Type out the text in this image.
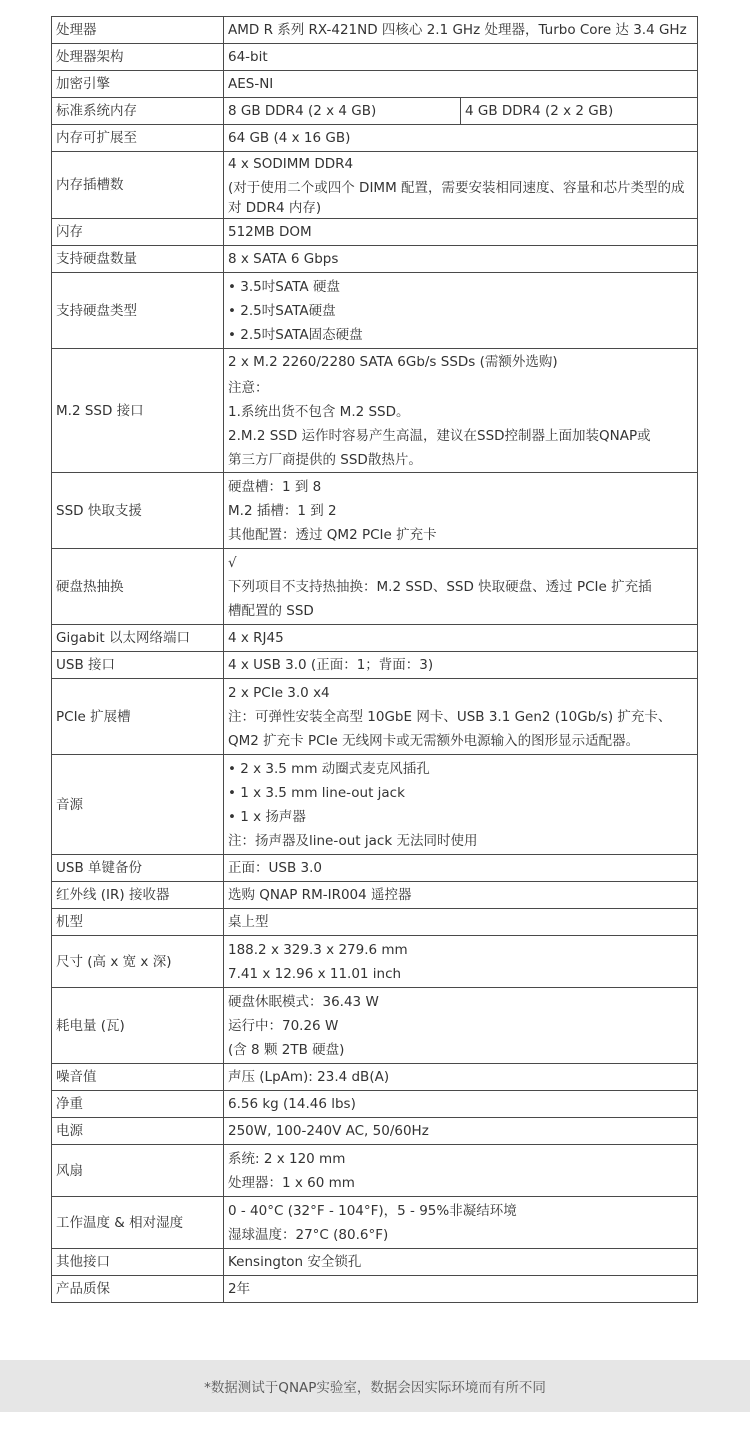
处理器	AMD R 系列 RX-421ND 四核心 2.1 GHz 处理器，Turbo Core 达 3.4 GHz	

处理器架构	64-bit	

加密引擎	AES-NI	

标准系统内存	8 GB DDR4 (2 x 4 GB)	4 GB DDR4 (2 x 2 GB)
内存可扩展至	64 GB (4 x 16 GB)	

内存插槽数	4 x SODIMM DDR4
(对于使用二个或四个 DIMM 配置，需要安装相同速度、容量和芯片类型的成对 DDR4 内存)	

闪存	512MB DOM	

支持硬盘数量	8 x SATA 6 Gbps	

支持硬盘类型	• 3.5吋SATA 硬盘
• 2.5吋SATA硬盘
• 2.5吋SATA固态硬盘	

M.2 SSD 接口	2 x M.2 2260/2280 SATA 6Gb/s SSDs (需额外选购)
注意：
1.系统出货不包含 M.2 SSD。
2.M.2 SSD 运作时容易产生高温，建议在SSD控制器上面加装QNAP或
第三方厂商提供的 SSD散热片。	

SSD 快取支援	硬盘槽：1 到 8
M.2 插槽：1 到 2
其他配置：透过 QM2 PCIe 扩充卡	

硬盘热抽换	√
下列项目不支持热抽换：M.2 SSD、SSD 快取硬盘、透过 PCIe 扩充插
槽配置的 SSD	

Gigabit 以太网络端口	4 x RJ45	

USB 接口	4 x USB 3.0 (正面：1；背面：3)	

PCIe 扩展槽	2 x PCIe 3.0 x4
注：可弹性安装全高型 10GbE 网卡、USB 3.1 Gen2 (10Gb/s) 扩充卡、
QM2 扩充卡 PCIe 无线网卡或无需额外电源输入的图形显示适配器。	

音源	• 2 x 3.5 mm 动圈式麦克风插孔
• 1 x 3.5 mm line-out jack
• 1 x 扬声器
注：扬声器及line-out jack 无法同时使用	

USB 单键备份	正面：USB 3.0	

红外线 (IR) 接收器	选购 QNAP RM-IR004 遥控器	

机型	桌上型	

尺寸 (高 x 宽 x 深)	188.2 x 329.3 x 279.6 mm
7.41 x 12.96 x 11.01 inch	

耗电量 (瓦)	硬盘休眠模式：36.43 W
运行中：70.26 W
(含 8 颗 2TB 硬盘)	

噪音值	声压 (LpAm): 23.4 dB(A)	

净重	6.56 kg (14.46 lbs)	

电源	250W, 100-240V AC, 50/60Hz	

风扇	系统: 2 x 120 mm
处理器：1 x 60 mm	

工作温度 & 相对湿度	0 - 40°C (32°F - 104°F)，5 - 95%非凝结环境
湿球温度：27°C (80.6°F)	

其他接口	Kensington 安全锁孔	

产品质保	2年	
*数据测试于QNAP实验室，数据会因实际环境而有所不同
